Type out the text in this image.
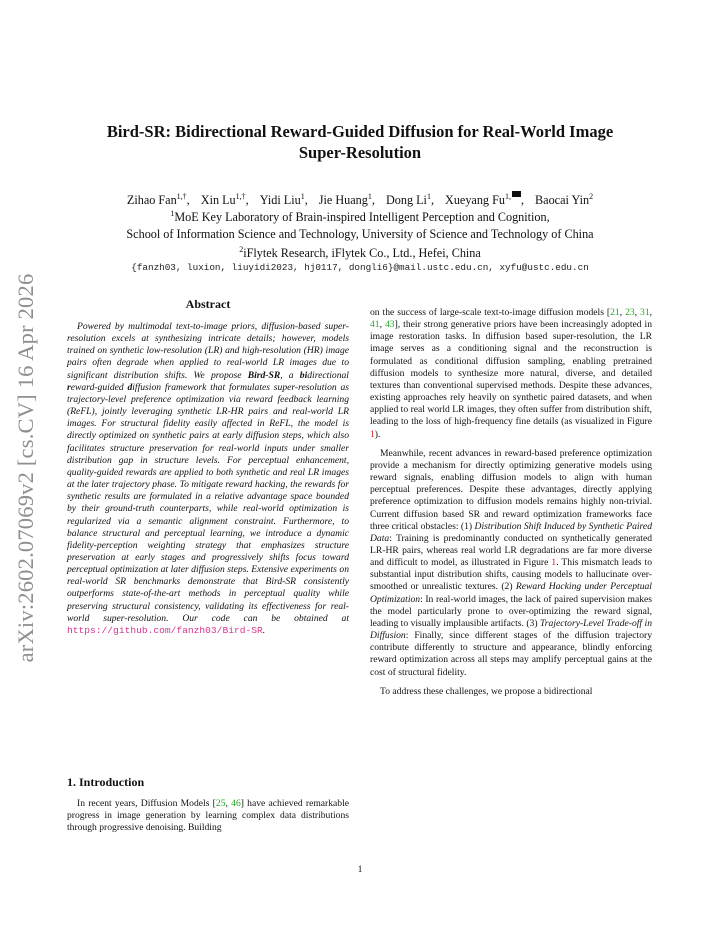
arXiv:2602.07069v2 [cs.CV] 16 Apr 2026
Bird-SR: Bidirectional Reward-Guided Diffusion for Real-World Image Super-Resolution
Zihao Fan$^{1,\dagger}$, Xin $Lu^{1,\dagger}$, Yidi Liu$^1$, Jie Huang$^1$, Dong Li$^1$, Xueyang $Fu^{1,}$ , Baocai Yin$^2$
$^1$MoE Key Laboratory of Brain-inspired Intelligent Perception and Cognition,
School of Information Science and Technology, University of Science and Technology of China
$^2$iFlytek Research, iFlytek Co., Ltd., Hefei, China
{fanzh03, luxion, liuyidi2023, hj0117, dongli6}@mail.ustc.edu.cn, xyfu@ustc.edu.cn
Abstract
Powered by multimodal text-to-image priors, diffusion-based super-resolution excels at synthesizing intricate details; however, models trained on synthetic low-resolution (LR) and high-resolution (HR) image pairs often degrade when applied to real-world LR images due to significant distribution shifts. We propose Bird-SR, a bidirectional reward-guided diffusion framework that formulates super-resolution as trajectory-level preference optimization via reward feedback learning (ReFL), jointly leveraging synthetic LR-HR pairs and real-world LR images. For structural fidelity easily affected in ReFL, the model is directly optimized on synthetic pairs at early diffusion steps, which also facilitates structure preservation for real-world inputs under smaller distribution gap in structure levels. For perceptual enhancement, quality-guided rewards are applied to both synthetic and real LR images at the later trajectory phase. To mitigate reward hacking, the rewards for synthetic results are formulated in a relative advantage space bounded by their ground-truth counterparts, while real-world optimization is regularized via a semantic alignment constraint. Furthermore, to balance structural and perceptual learning, we introduce a dynamic fidelity-perception weighting strategy that emphasizes structure preservation at early stages and progressively shifts focus toward perceptual optimization at later diffusion steps. Extensive experiments on real-world SR benchmarks demonstrate that Bird-SR consistently outperforms state-of-the-art methods in perceptual quality while preserving structural consistency, validating its effectiveness for real-world super-resolution. Our code can be obtained at https://github.com/fanzh03/Bird-SR.
1. Introduction
In recent years, Diffusion Models [25, 46] have achieved remarkable progress in image generation by learning complex data distributions through progressive denoising. Building

on the success of large-scale text-to-image diffusion models [21, 23, 31, 41, 43], their strong generative priors have been increasingly adopted in image restoration tasks. In diffusion based super-resolution, the LR image serves as a conditioning signal and the reconstruction is formulated as conditional diffusion sampling, enabling pretrained diffusion models to synthesize more natural, diverse, and detailed textures than conventional supervised methods. Despite these advances, existing approaches rely heavily on synthetic paired datasets, and when applied to real world LR images, they often suffer from distribution shift, leading to the loss of high-frequency fine details (as visualized in Figure 1).

Meanwhile, recent advances in reward-based preference optimization provide a mechanism for directly optimizing generative models using reward signals, enabling diffusion models to align with human perceptual preferences. Despite these advantages, directly applying preference optimization to diffusion models remains highly non-trivial. Current diffusion based SR and reward optimization frameworks face three critical obstacles: (1) Distribution Shift Induced by Synthetic Paired Data: Training is predominantly conducted on synthetically generated LR-HR pairs, whereas real world LR degradations are far more diverse and difficult to model, as illustrated in Figure 1. This mismatch leads to substantial input distribution shifts, causing models to hallucinate over-smoothed or unrealistic textures. (2) Reward Hacking under Perceptual Optimization: In real-world images, the lack of paired supervision makes the model particularly prone to over-optimizing the reward signal, leading to visually implausible artifacts. (3) Trajectory-Level Trade-off in Diffusion: Finally, since different stages of the diffusion trajectory contribute differently to structure and appearance, blindly enforcing reward optimization across all steps may amplify perceptual gains at the cost of structural fidelity.

To address these challenges, we propose a bidirectional

1
